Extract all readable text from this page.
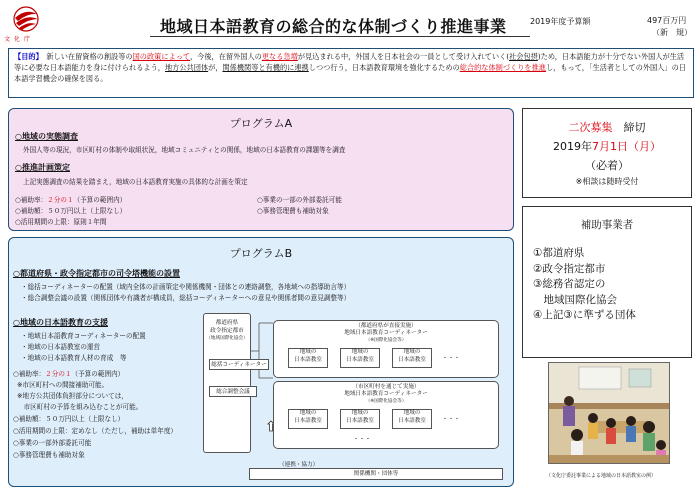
文 化 庁
地域日本語教育の総合的な体制づくり推進事業	2019年度予算額	497百万円
（新　規）
【目的】　新しい在留資格の創設等の国の政策によって，今後，在留外国人の更なる急増が見込まれる中，外国人を日本社会の一員として受け入れていく(社会包摂)ため，日本語能力が十分でない外国人が生活等に必要な日本語能力を身に付けられるよう，地方公共団体が，関係機関等と有機的に連携しつつ行う，日本語教育環境を強化するための総合的な体制づくりを推進し，もって，「生活者としての外国人」の日本語学習機会の確保を図る。
プログラムA
○地域の実態調査
外国人等の現況，市区町村の体制や取組状況，地域コミュニティとの関係，地域の日本語教育の課題等を調査
○推進計画策定
上記実態調査の結果を踏まえ，地域の日本語教育実施の具体的な計画を策定
○補助率：２分の１（予算の範囲内）
○補助額：５０万円以上（上限なし）
○活用期間の上限：原則１年間
○事業の一部の外部委託可能
○事務管理費も補助対象
二次募集　 締切
2019年7月1日（月）
（必着）
※相談は随時受付
プログラムB
○都道府県・政令指定都市の司令塔機能の設置
・総括コーディネーターの配置（域内全体の計画策定や関係機関・団体との連絡調整，各地域への指導助言等）
・総合調整会議の設置（関係団体や有識者が構成員，総括コーディネーターへの意見や関係者間の意見調整等）
○地域の日本語教育の支援
・地域日本語教育コーディネーターの配置
・地域の日本語教室の運営
・地域の日本語教育人材の育成　等
○補助率：２分の１（予算の範囲内）
※市区町村への間接補助可能。
※地方公共団体負担部分については，
　市区町村の予算を組み込むことが可能。
○補助額：５０万円以上（上限なし）
○活用期間の上限：定めなし（ただし，補助は単年度）
○事業の一部外部委託可能
○事務管理費も補助対象
都道府県
政令指定都市
（地域国際化協会）
総括コーディネーター
総合調整会議
（都道府県が直接実施）
地域日本語教育コーディネーター
（※国際化協会等）
地域の
日本語教室
地域の
日本語教室
地域の
日本語教室	・・・
（市区町村を通じて実施）
地域日本語教育コーディネーター
（※国際化協会等）
地域の
日本語教室
地域の
日本語教室
地域の
日本語教室	・・・
・・・
（連携・協力）
関係機関・団体等
補助事業者
①都道府県
②政令指定都市
③総務省認定の
　地域国際化協会
④上記③に準ずる団体
（文化庁委託事業による地域の日本語教室の例）
